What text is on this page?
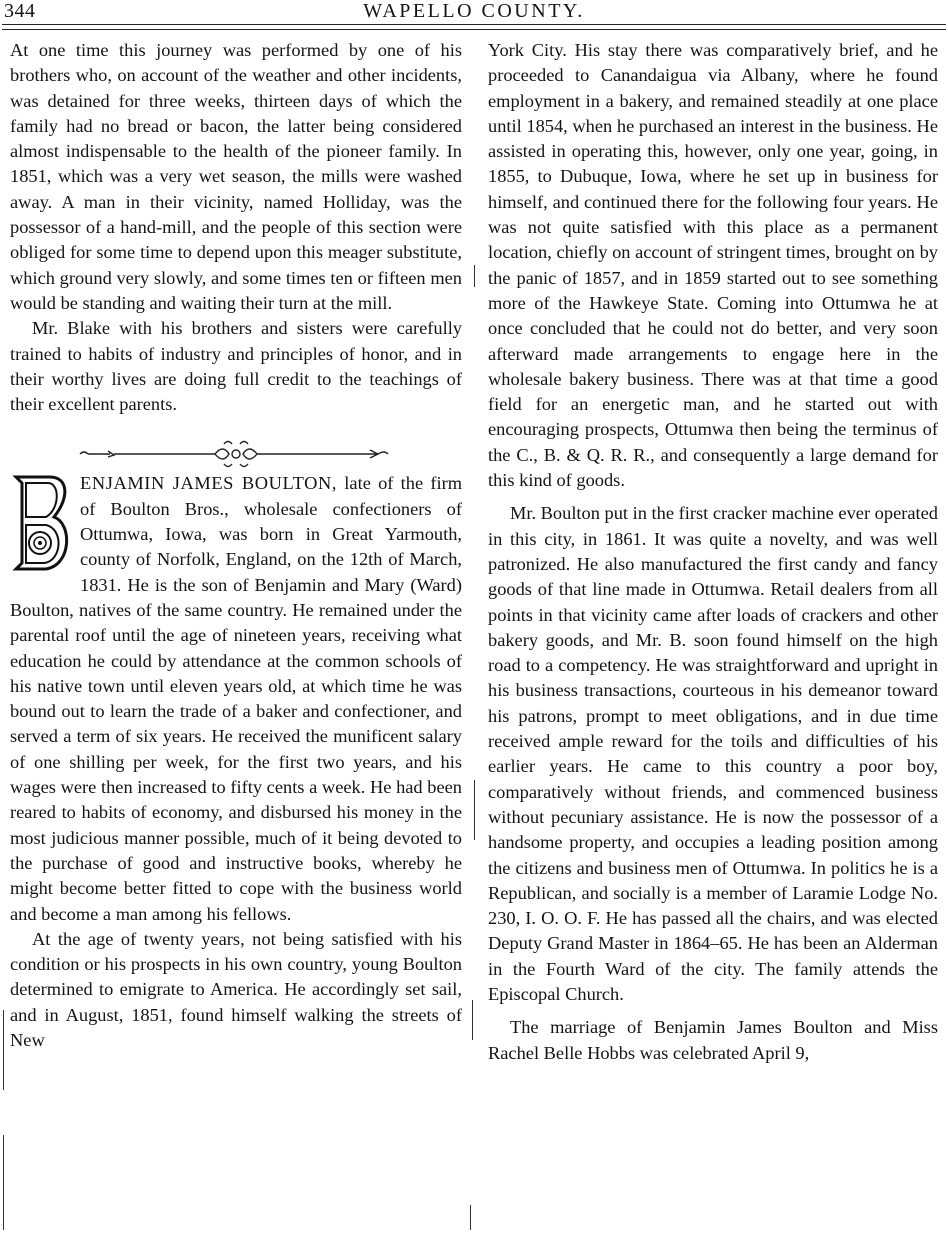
344	WAPELLO COUNTY.

At one time this journey was performed by one of his brothers who, on account of the weather and other incidents, was detained for three weeks, thirteen days of which the family had no bread or bacon, the latter being considered almost indispensable to the health of the pioneer family. In 1851, which was a very wet season, the mills were washed away. A man in their vicinity, named Holliday, was the possessor of a hand-mill, and the people of this section were obliged for some time to depend upon this meager substitute, which ground very slowly, and some times ten or fifteen men would be standing and waiting their turn at the mill.

Mr. Blake with his brothers and sisters were carefully trained to habits of industry and principles of honor, and in their worthy lives are doing full credit to the teachings of their excellent parents.

B	ENJAMIN JAMES BOULTON, late of the firm of Boulton Bros., wholesale confectioners of Ottumwa, Iowa, was born in Great Yarmouth, county of Norfolk, England, on the 12th of March, 1831. He is the son of Benjamin and Mary (Ward) Boulton, natives of the same country. He remained under the parental roof until the age of nineteen years, receiving what education he could by attendance at the common schools of his native town until eleven years old, at which time he was bound out to learn the trade of a baker and confectioner, and served a term of six years. He received the munificent salary of one shilling per week, for the first two years, and his wages were then increased to fifty cents a week. He had been reared to habits of economy, and disbursed his money in the most judicious manner possible, much of it being devoted to the purchase of good and instructive books, whereby he might become better fitted to cope with the business world and become a man among his fellows.

At the age of twenty years, not being satisfied with his condition or his prospects in his own country, young Boulton determined to emigrate to America. He accordingly set sail, and in August, 1851, found himself walking the streets of New

York City. His stay there was comparatively brief, and he proceeded to Canandaigua via Albany, where he found employment in a bakery, and remained steadily at one place until 1854, when he purchased an interest in the business. He assisted in operating this, however, only one year, going, in 1855, to Dubuque, Iowa, where he set up in business for himself, and continued there for the following four years. He was not quite satisfied with this place as a permanent location, chiefly on account of stringent times, brought on by the panic of 1857, and in 1859 started out to see something more of the Hawkeye State. Coming into Ottumwa he at once concluded that he could not do better, and very soon afterward made arrangements to engage here in the wholesale bakery business. There was at that time a good field for an energetic man, and he started out with encouraging prospects, Ottumwa then being the terminus of the C., B. & Q. R. R., and consequently a large demand for this kind of goods.

Mr. Boulton put in the first cracker machine ever operated in this city, in 1861. It was quite a novelty, and was well patronized. He also manufactured the first candy and fancy goods of that line made in Ottumwa. Retail dealers from all points in that vicinity came after loads of crackers and other bakery goods, and Mr. B. soon found himself on the high road to a competency. He was straightforward and upright in his business transactions, courteous in his demeanor toward his patrons, prompt to meet obligations, and in due time received ample reward for the toils and difficulties of his earlier years. He came to this country a poor boy, comparatively without friends, and commenced business without pecuniary assistance. He is now the possessor of a handsome property, and occupies a leading position among the citizens and business men of Ottumwa. In politics he is a Republican, and socially is a member of Laramie Lodge No. 230, I. O. O. F. He has passed all the chairs, and was elected Deputy Grand Master in 1864–65. He has been an Alderman in the Fourth Ward of the city. The family attends the Episcopal Church.

The marriage of Benjamin James Boulton and Miss Rachel Belle Hobbs was celebrated April 9,
